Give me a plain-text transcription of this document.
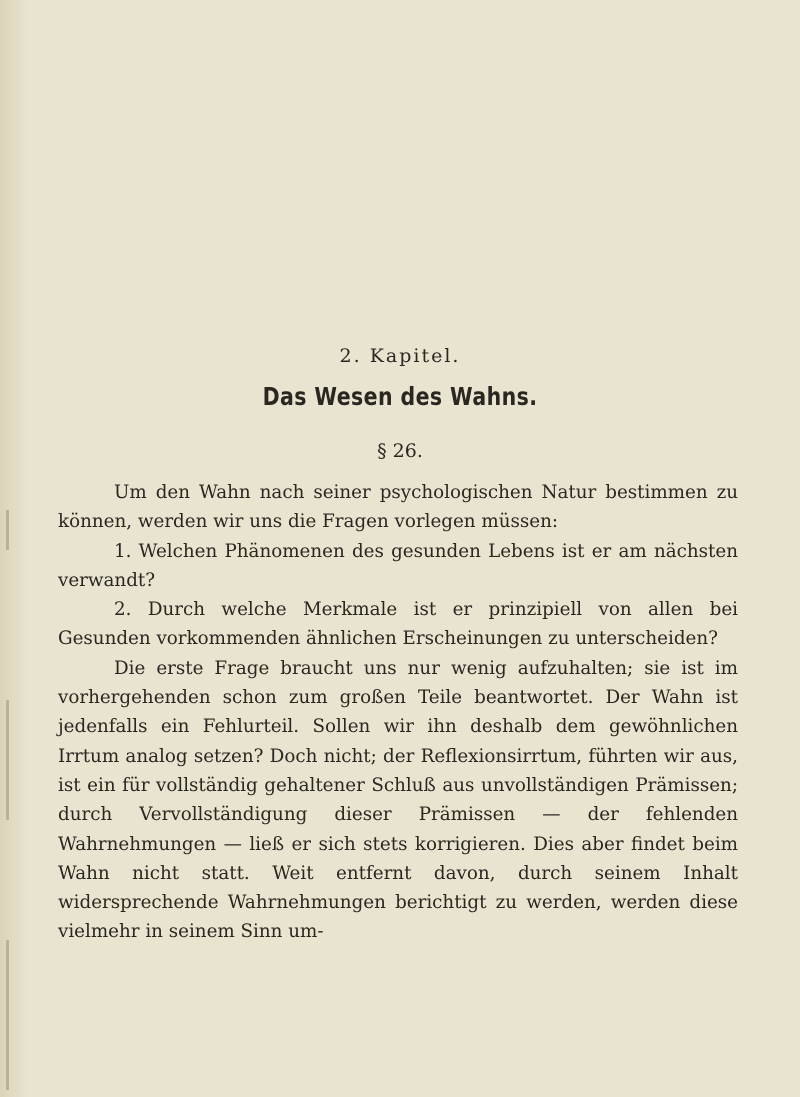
2. Kapitel.
Das Wesen des Wahns.
§ 26.

Um den Wahn nach seiner psychologischen Natur bestimmen zu können, werden wir uns die Fragen vorlegen müssen:

1. Welchen Phänomenen des gesunden Lebens ist er am nächsten verwandt?

2. Durch welche Merkmale ist er prinzipiell von allen bei Gesunden vorkommenden ähnlichen Erscheinungen zu unterscheiden?

Die erste Frage braucht uns nur wenig aufzuhalten; sie ist im vorhergehenden schon zum großen Teile beantwortet. Der Wahn ist jedenfalls ein Fehlurteil. Sollen wir ihn deshalb dem gewöhnlichen Irrtum analog setzen? Doch nicht; der Reflexionsirrtum, führten wir aus, ist ein für vollständig gehaltener Schluß aus unvollständigen Prämissen; durch Vervollständigung dieser Prämissen — der fehlenden Wahrnehmungen — ließ er sich stets korrigieren. Dies aber findet beim Wahn nicht statt. Weit entfernt davon, durch seinem Inhalt widersprechende Wahrnehmungen berichtigt zu werden, werden diese vielmehr in seinem Sinn um-
